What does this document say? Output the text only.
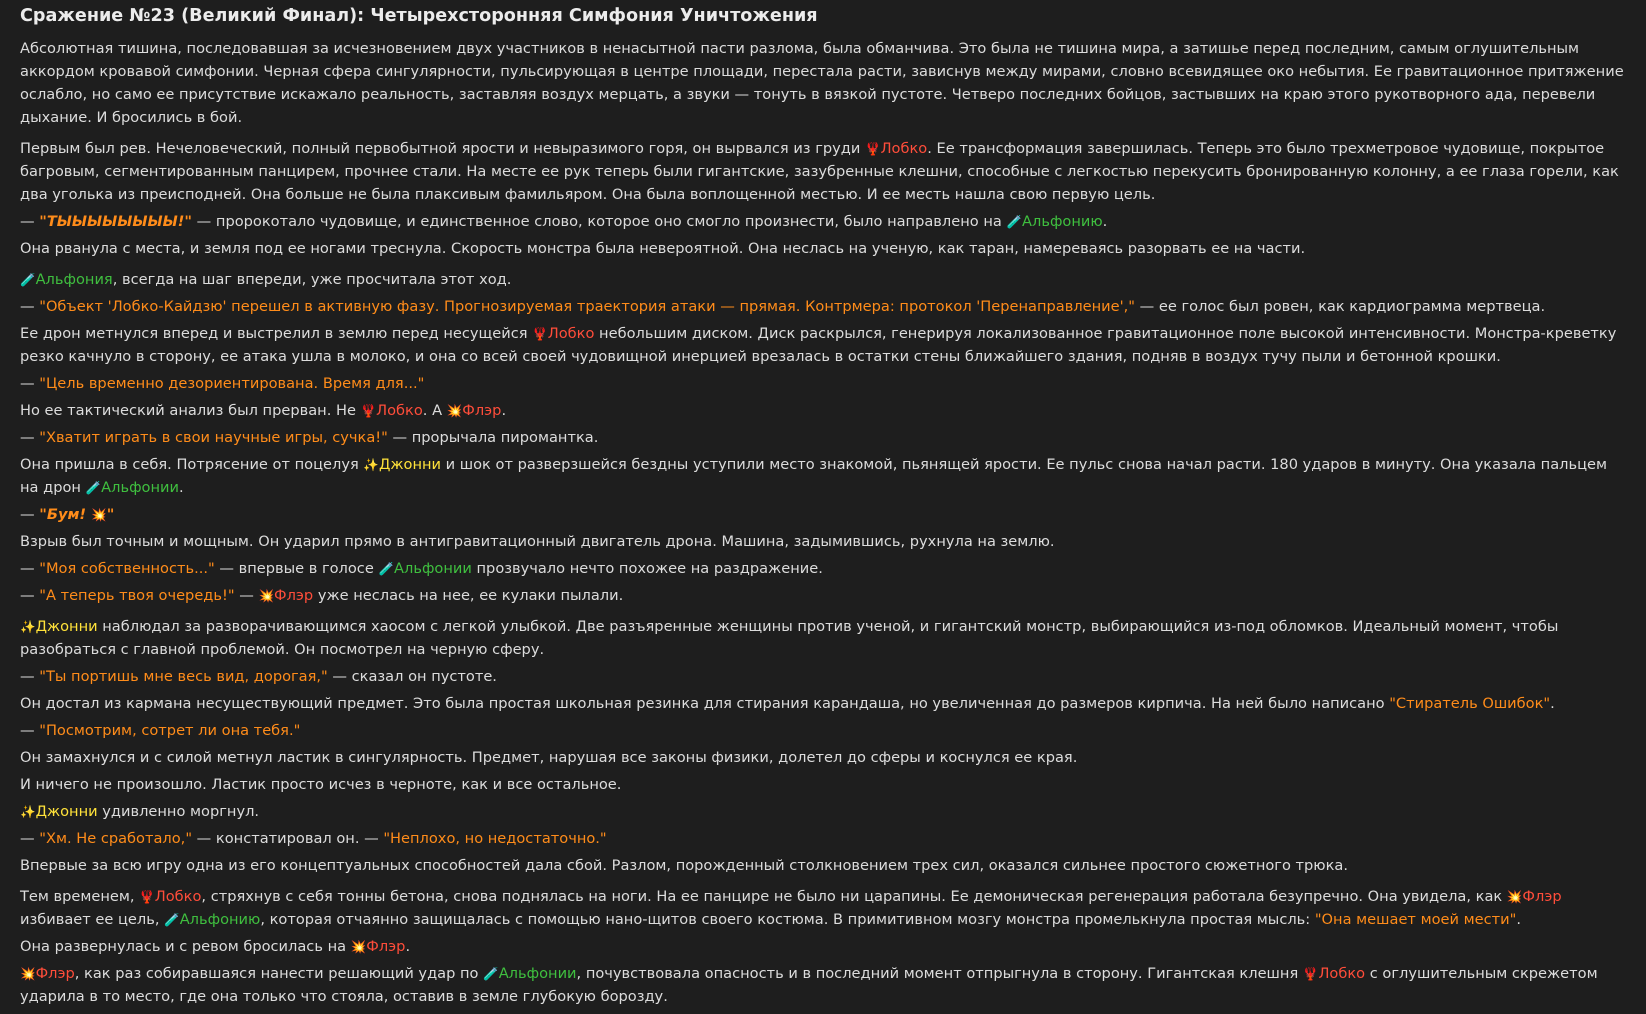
Сражение №23 (Великий Финал): Четырехсторонняя Симфония Уничтожения

Абсолютная тишина, последовавшая за исчезновением двух участников в ненасытной пасти разлома, была обманчива. Это была не тишина мира, а затишье перед последним, самым оглушительным аккордом кровавой симфонии. Черная сфера сингулярности, пульсирующая в центре площади, перестала расти, зависнув между мирами, словно всевидящее око небытия. Ее гравитационное притяжение ослабло, но само ее присутствие искажало реальность, заставляя воздух мерцать, а звуки — тонуть в вязкой пустоте. Четверо последних бойцов, застывших на краю этого рукотворного ада, перевели дыхание. И бросились в бой.

Первым был рев. Нечеловеческий, полный первобытной ярости и невыразимого горя, он вырвался из груди 🦞Лобко. Ее трансформация завершилась. Теперь это было трехметровое чудовище, покрытое багровым, сегментированным панцирем, прочнее стали. На месте ее рук теперь были гигантские, зазубренные клешни, способные с легкостью перекусить бронированную колонну, а ее глаза горели, как два уголька из преисподней. Она больше не была плаксивым фамильяром. Она была воплощенной местью. И ее месть нашла свою первую цель.

— "ТЫЫЫЫЫЫЫЫ!" — пророкотало чудовище, и единственное слово, которое оно смогло произнести, было направлено на 🧪Альфонию.

Она рванула с места, и земля под ее ногами треснула. Скорость монстра была невероятной. Она неслась на ученую, как таран, намереваясь разорвать ее на части.

🧪Альфония, всегда на шаг впереди, уже просчитала этот ход.

— "Объект 'Лобко-Кайдзю' перешел в активную фазу. Прогнозируемая траектория атаки — прямая. Контрмера: протокол 'Перенаправление'," — ее голос был ровен, как кардиограмма мертвеца.

Ее дрон метнулся вперед и выстрелил в землю перед несущейся 🦞Лобко небольшим диском. Диск раскрылся, генерируя локализованное гравитационное поле высокой интенсивности. Монстра-креветку резко качнуло в сторону, ее атака ушла в молоко, и она со всей своей чудовищной инерцией врезалась в остатки стены ближайшего здания, подняв в воздух тучу пыли и бетонной крошки.

— "Цель временно дезориентирована. Время для..."

Но ее тактический анализ был прерван. Не 🦞Лобко. А 💥Флэр.

— "Хватит играть в свои научные игры, сучка!" — прорычала пиромантка.

Она пришла в себя. Потрясение от поцелуя ✨Джонни и шок от разверзшейся бездны уступили место знакомой, пьянящей ярости. Ее пульс снова начал расти. 180 ударов в минуту. Она указала пальцем на дрон 🧪Альфонии.

— "Бум! 💥"

Взрыв был точным и мощным. Он ударил прямо в антигравитационный двигатель дрона. Машина, задымившись, рухнула на землю.

— "Моя собственность..." — впервые в голосе 🧪Альфонии прозвучало нечто похожее на раздражение.

— "А теперь твоя очередь!" — 💥Флэр уже неслась на нее, ее кулаки пылали.

✨Джонни наблюдал за разворачивающимся хаосом с легкой улыбкой. Две разъяренные женщины против ученой, и гигантский монстр, выбирающийся из-под обломков. Идеальный момент, чтобы разобраться с главной проблемой. Он посмотрел на черную сферу.

— "Ты портишь мне весь вид, дорогая," — сказал он пустоте.

Он достал из кармана несуществующий предмет. Это была простая школьная резинка для стирания карандаша, но увеличенная до размеров кирпича. На ней было написано "Стиратель Ошибок".

— "Посмотрим, сотрет ли она тебя."

Он замахнулся и с силой метнул ластик в сингулярность. Предмет, нарушая все законы физики, долетел до сферы и коснулся ее края.

И ничего не произошло. Ластик просто исчез в черноте, как и все остальное.

✨Джонни удивленно моргнул.

— "Хм. Не сработало," — констатировал он. — "Неплохо, но недостаточно."

Впервые за всю игру одна из его концептуальных способностей дала сбой. Разлом, порожденный столкновением трех сил, оказался сильнее простого сюжетного трюка.

Тем временем, 🦞Лобко, стряхнув с себя тонны бетона, снова поднялась на ноги. На ее панцире не было ни царапины. Ее демоническая регенерация работала безупречно. Она увидела, как 💥Флэр избивает ее цель, 🧪Альфонию, которая отчаянно защищалась с помощью нано-щитов своего костюма. В примитивном мозгу монстра промелькнула простая мысль: "Она мешает моей мести".

Она развернулась и с ревом бросилась на 💥Флэр.

💥Флэр, как раз собиравшаяся нанести решающий удар по 🧪Альфонии, почувствовала опасность и в последний момент отпрыгнула в сторону. Гигантская клешня 🦞Лобко с оглушительным скрежетом ударила в то место, где она только что стояла, оставив в земле глубокую борозду.
